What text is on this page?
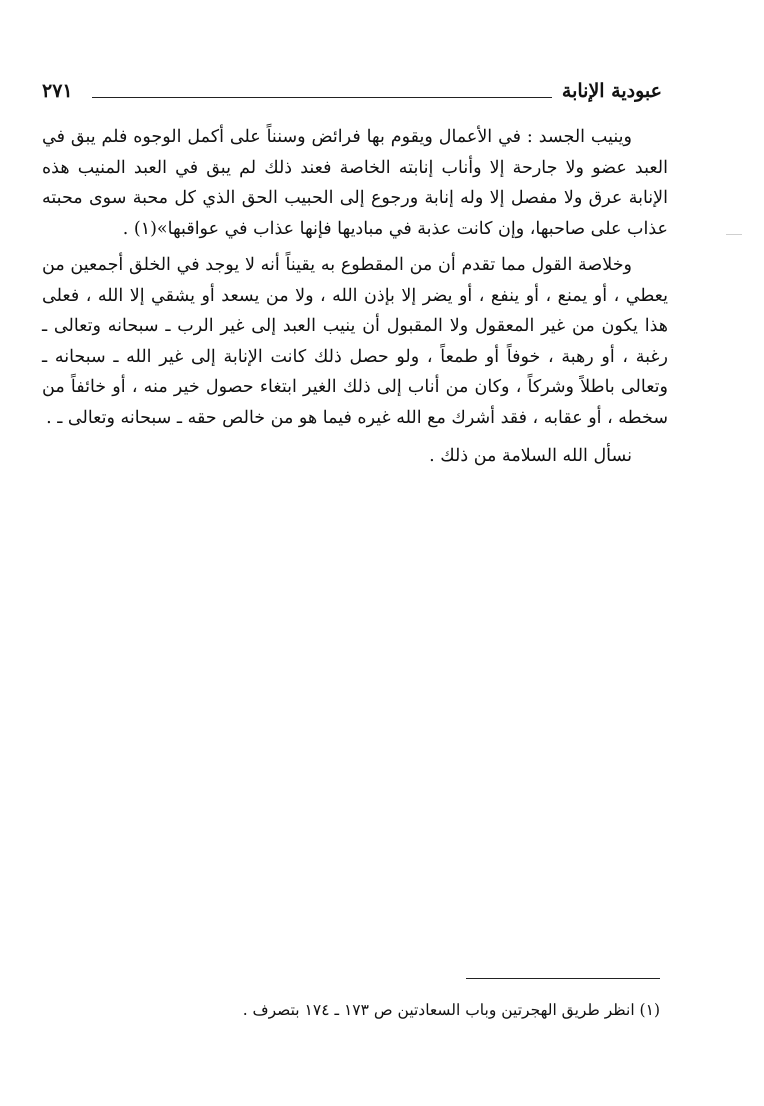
عبودية الإنابة
٢٧١

وينيب الجسد : في الأعمال ويقوم بها فرائض وسنناً على أكمل الوجوه فلم يبق في العبد عضو ولا جارحة إلا وأناب إنابته الخاصة فعند ذلك لم يبق في العبد المنيب هذه الإنابة عرق ولا مفصل إلا وله إنابة ورجوع إلى الحبيب الحق الذي كل محبة سوى محبته عذاب على صاحبها، وإن كانت عذبة في مباديها فإنها عذاب في عواقبها»(١) .

وخلاصة القول مما تقدم أن من المقطوع به يقيناً أنه لا يوجد في الخلق أجمعين من يعطي ، أو يمنع ، أو ينفع ، أو يضر إلا بإذن الله ، ولا من يسعد أو يشقي إلا الله ، فعلى هذا يكون من غير المعقول ولا المقبول أن ينيب العبد إلى غير الرب ـ سبحانه وتعالى ـ رغبة ، أو رهبة ، خوفاً أو طمعاً ، ولو حصل ذلك كانت الإنابة إلى غير الله ـ سبحانه ـ وتعالى باطلاً وشركاً ، وكان من أناب إلى ذلك الغير ابتغاء حصول خير منه ، أو خائفاً من سخطه ، أو عقابه ، فقد أشرك مع الله غيره فيما هو من خالص حقه ـ سبحانه وتعالى ـ .

نسأل الله السلامة من ذلك .

(١) انظر طريق الهجرتين وباب السعادتين ص ١٧٣ ـ ١٧٤ بتصرف .
